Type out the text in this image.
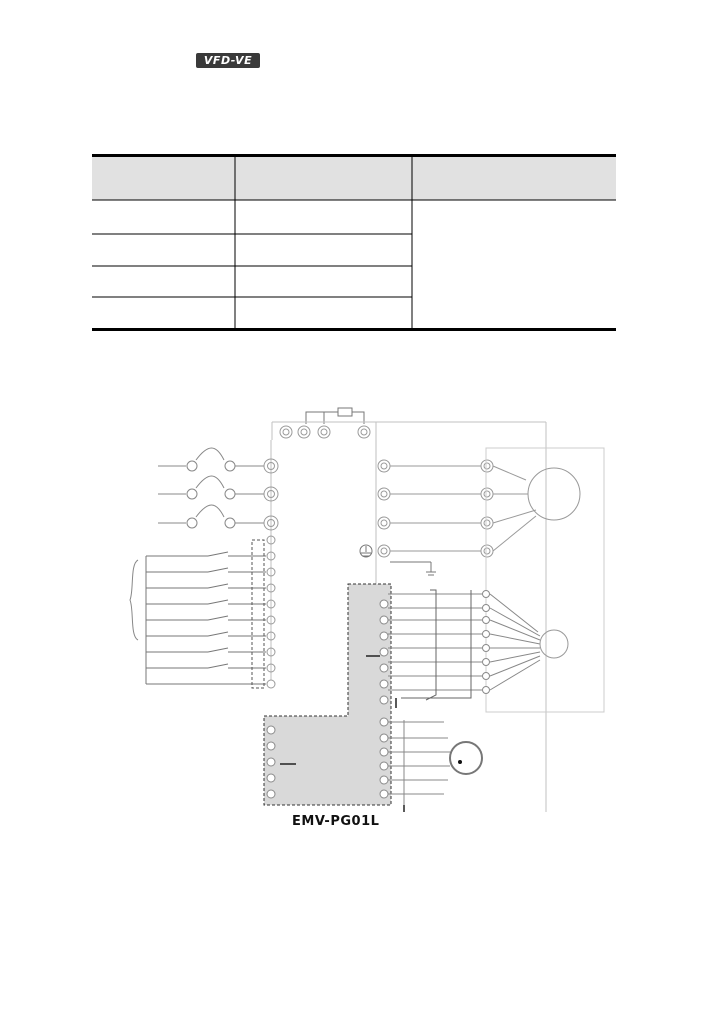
VFD-VE
EMV-PG01L
